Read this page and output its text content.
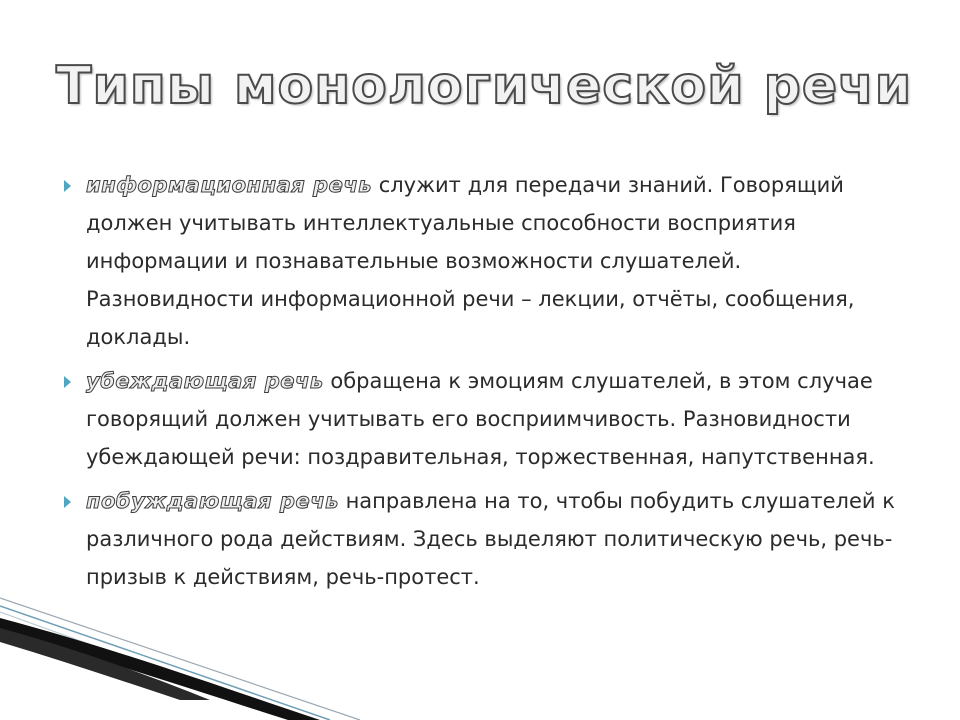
Типы монологической речи
информационная речь служит для передачи знаний. Говорящий должен учитывать интеллектуальные способности восприятия информации и познавательные возможности слушателей. Разновидности информационной речи – лекции, отчёты, сообщения, доклады.
убеждающая речь обращена к эмоциям слушателей, в этом случае говорящий должен учитывать его восприимчивость. Разновидности убеждающей речи: поздравительная, торжественная, напутственная.
побуждающая речь направлена на то, чтобы побудить слушателей к различного рода действиям. Здесь выделяют политическую речь, речь-призыв к действиям, речь-протест.
